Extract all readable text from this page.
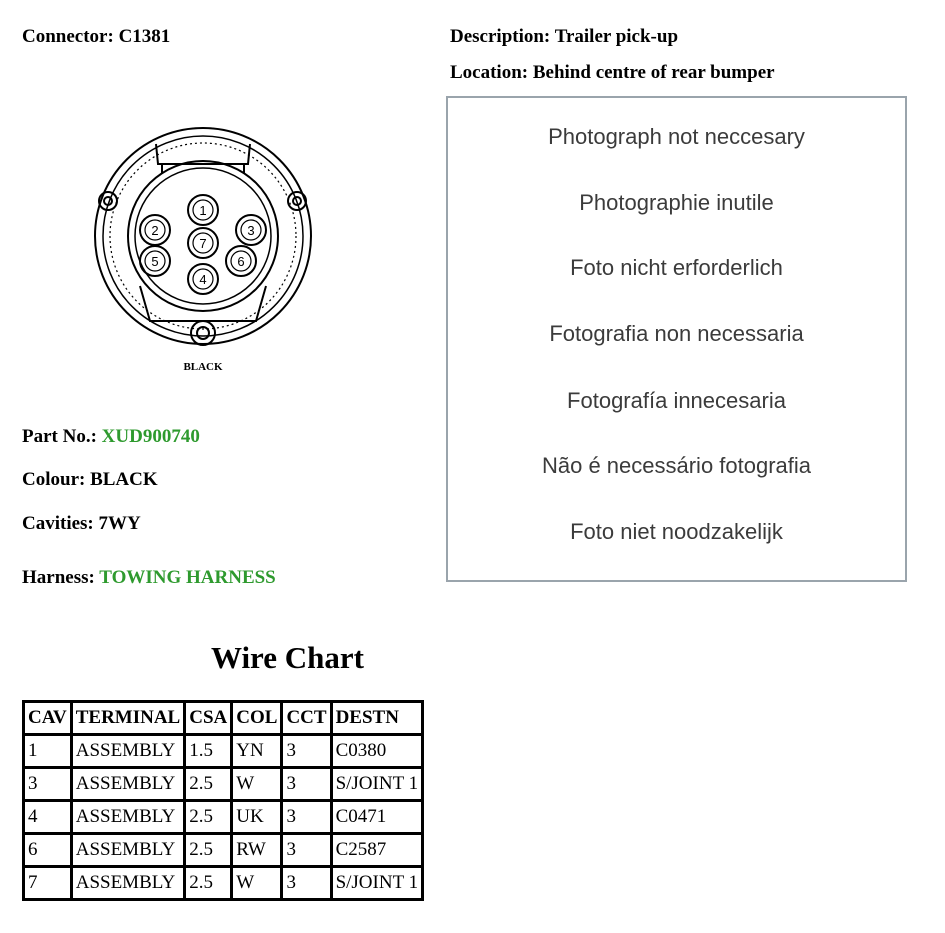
Connector: C1381	Description: Trailer pick-up
Location: Behind centre of rear bumper
1
2	3
4
5	6
7
BLACK
Part No.: XUD900740
Colour: BLACK
Cavities: 7WY
Harness: TOWING HARNESS
Photograph not neccesary
Photographie inutile
Foto nicht erforderlich
Fotografia non necessaria
Fotografía innecesaria
Não é necessário fotografia
Foto niet noodzakelijk
Wire Chart
CAV	TERMINAL	CSA	COL	CCT	DESTN
1	ASSEMBLY	1.5	YN	3	C0380
3	ASSEMBLY	2.5	W	3	S/JOINT 1
4	ASSEMBLY	2.5	UK	3	C0471
6	ASSEMBLY	2.5	RW	3	C2587
7	ASSEMBLY	2.5	W	3	S/JOINT 1
